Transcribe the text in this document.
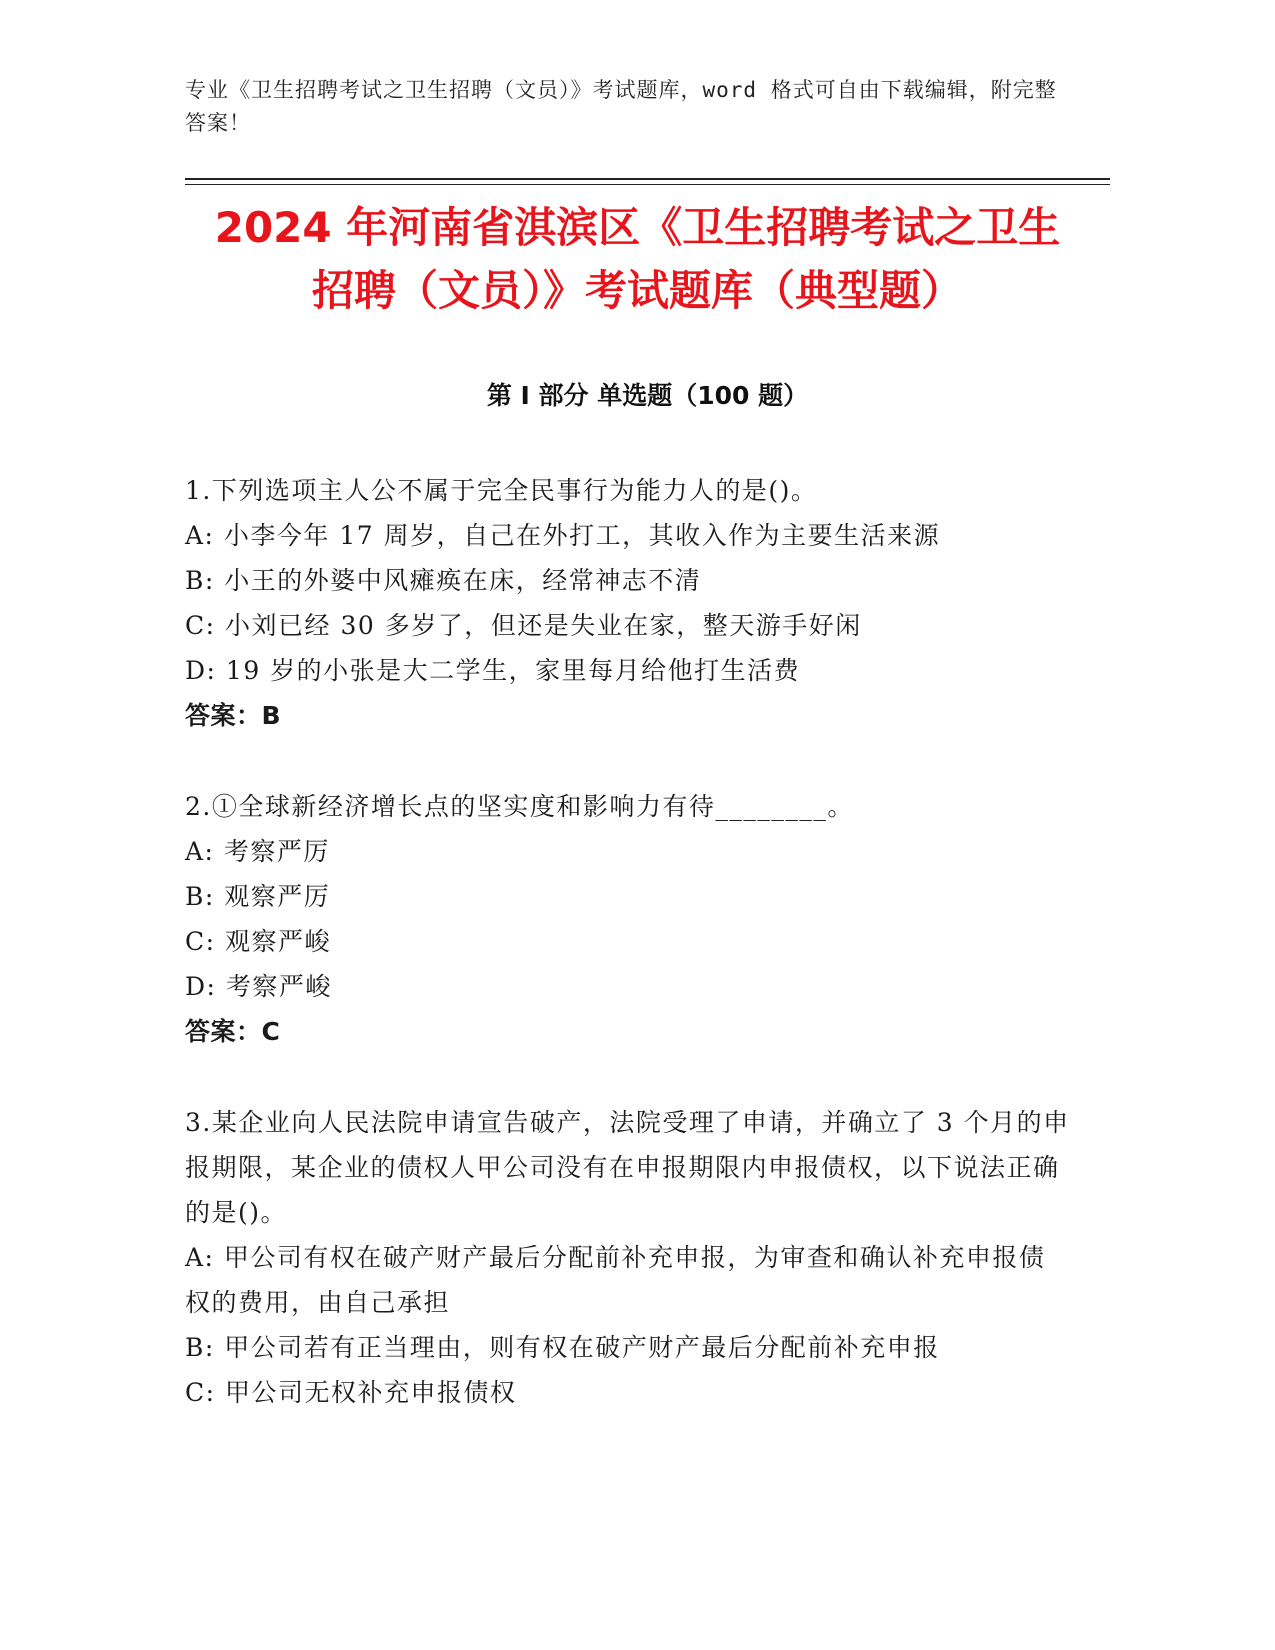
专业《卫生招聘考试之卫生招聘（文员）》考试题库，word 格式可自由下载编辑，附完整答案！
2024 年河南省淇滨区《卫生招聘考试之卫生
招聘（文员）》考试题库（典型题）
第 I 部分 单选题（100 题）
1.下列选项主人公不属于完全民事行为能力人的是()。
A: 小李今年 17 周岁，自己在外打工，其收入作为主要生活来源
B: 小王的外婆中风瘫痪在床，经常神志不清
C: 小刘已经 30 多岁了，但还是失业在家，整天游手好闲
D: 19 岁的小张是大二学生，家里每月给他打生活费
答案：B
2.①全球新经济增长点的坚实度和影响力有待________。
A: 考察严厉
B: 观察严厉
C: 观察严峻
D: 考察严峻
答案：C
3.某企业向人民法院申请宣告破产，法院受理了申请，并确立了 3 个月的申报期限，某企业的债权人甲公司没有在申报期限内申报债权，以下说法正确的是()。
A: 甲公司有权在破产财产最后分配前补充申报，为审查和确认补充申报债权的费用，由自己承担
B: 甲公司若有正当理由，则有权在破产财产最后分配前补充申报
C: 甲公司无权补充申报债权
